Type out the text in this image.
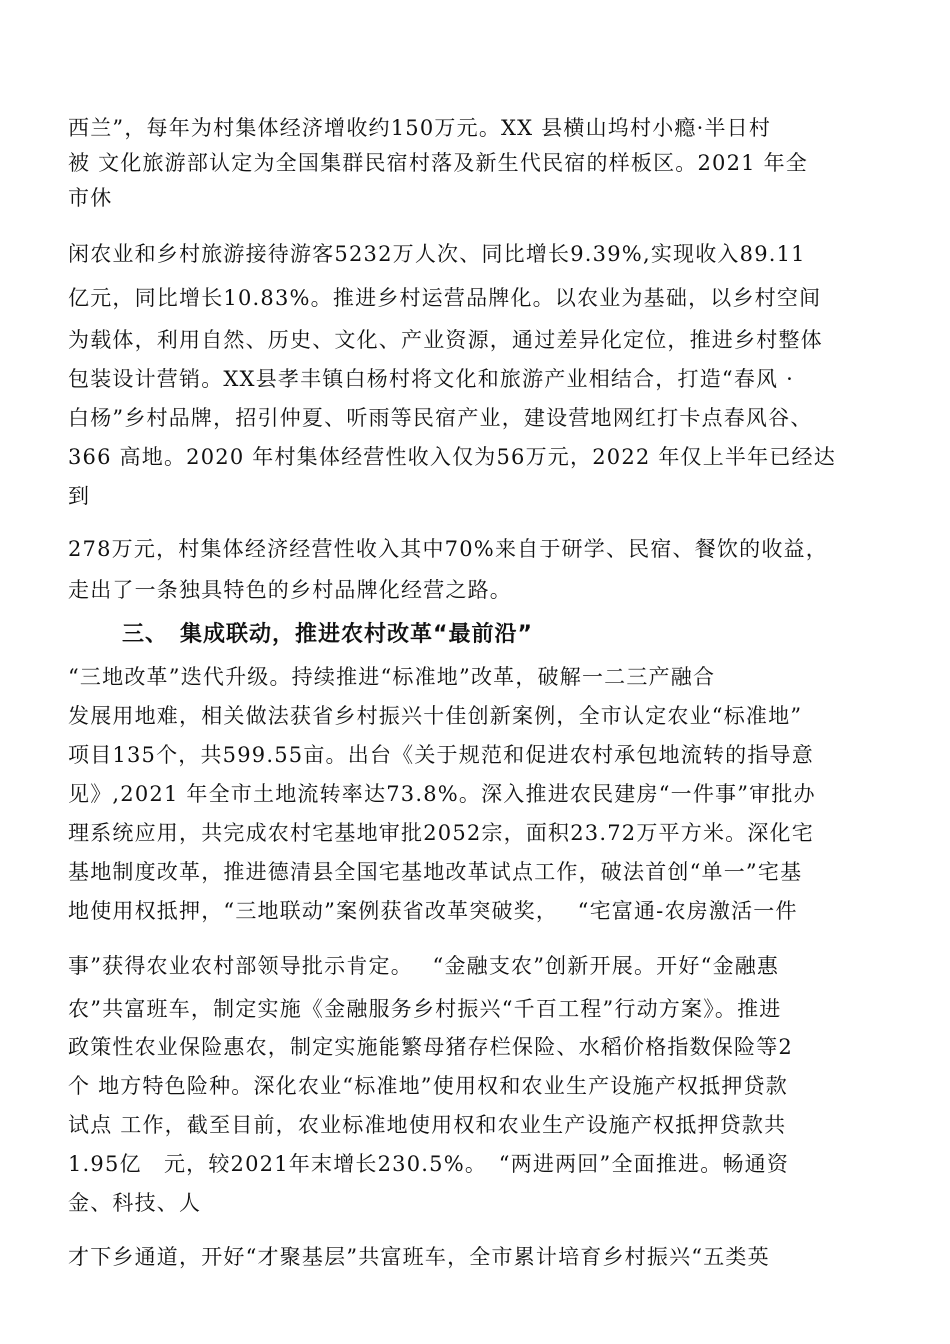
西兰”，每年为村集体经济增收约150万元。XX 县横山坞村小瘾·半日村
被 文化旅游部认定为全国集群民宿村落及新生代民宿的样板区。2021 年全
市休
闲农业和乡村旅游接待游客5232万人次、同比增长9.39%,实现收入89.11
亿元，同比增长10.83%。推进乡村运营品牌化。以农业为基础，以乡村空间
为载体，利用自然、历史、文化、产业资源，通过差异化定位，推进乡村整体
包装设计营销。XX县孝丰镇白杨村将文化和旅游产业相结合，打造“春风 ·
白杨”乡村品牌，招引仲夏、听雨等民宿产业，建设营地网红打卡点春风谷、
366 高地。2020 年村集体经营性收入仅为56万元，2022 年仅上半年已经达
到
278万元，村集体经济经营性收入其中70%来自于研学、民宿、餐饮的收益，
走出了一条独具特色的乡村品牌化经营之路。
三、　集成联动，推进农村改革“最前沿”
“三地改革”迭代升级。持续推进“标准地”改革，破解一二三产融合
发展用地难，相关做法获省乡村振兴十佳创新案例，全市认定农业“标准地”
项目135个，共599.55亩。出台《关于规范和促进农村承包地流转的指导意
见》,2021 年全市土地流转率达73.8%。深入推进农民建房“一件事”审批办
理系统应用，共完成农村宅基地审批2052宗，面积23.72万平方米。深化宅
基地制度改革，推进德清县全国宅基地改革试点工作，破法首创“单一”宅基
地使用权抵押，“三地联动”案例获省改革突破奖，　 “宅富通-农房激活一件
事”获得农业农村部领导批示肯定。　 “金融支农”创新开展。开好“金融惠
农”共富班车，制定实施《金融服务乡村振兴“千百工程”行动方案》。推进
政策性农业保险惠农，制定实施能繁母猪存栏保险、水稻价格指数保险等2
个 地方特色险种。深化农业“标准地”使用权和农业生产设施产权抵押贷款
试点 工作，截至目前，农业标准地使用权和农业生产设施产权抵押贷款共
1.95亿　元，较2021年末增长230.5%。　“两进两回”全面推进。畅通资
金、科技、人
才下乡通道，开好“才聚基层”共富班车，全市累计培育乡村振兴“五类英
